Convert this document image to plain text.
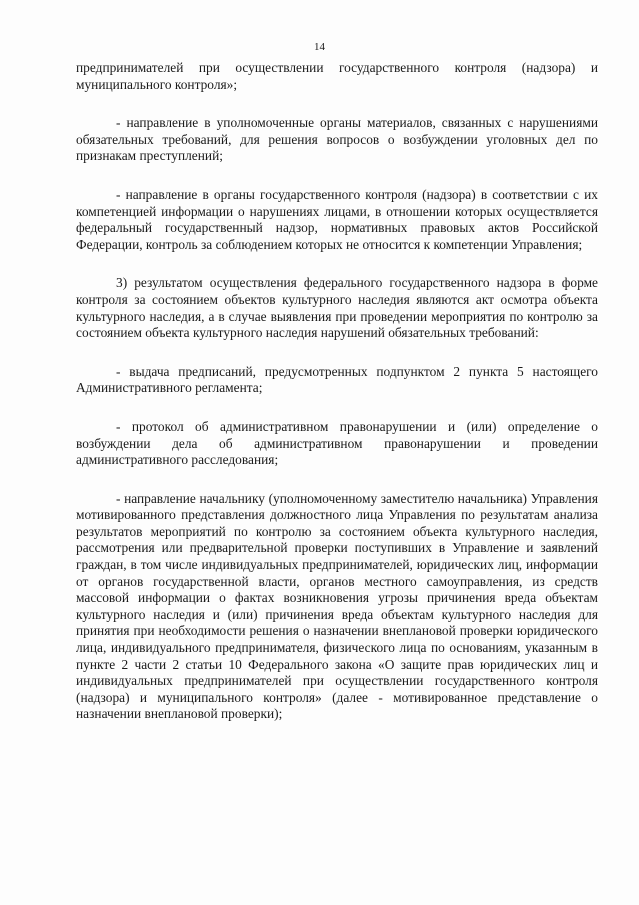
14

предпринимателей при осуществлении государственного контроля (надзора) и муниципального контроля»;

- направление в уполномоченные органы материалов, связанных с нарушениями обязательных требований, для решения вопросов о возбуждении уголовных дел по признакам преступлений;

- направление в органы государственного контроля (надзора) в соответствии с их компетенцией информации о нарушениях лицами, в отношении которых осуществляется федеральный государственный надзор, нормативных правовых актов Российской Федерации, контроль за соблюдением которых не относится к компетенции Управления;

3) результатом осуществления федерального государственного надзора в форме контроля за состоянием объектов культурного наследия являются акт осмотра объекта культурного наследия, а в случае выявления при проведении мероприятия по контролю за состоянием объекта культурного наследия нарушений обязательных требований:

- выдача предписаний, предусмотренных подпунктом 2 пункта 5 настоящего Административного регламента;

- протокол об административном правонарушении и (или) определение о возбуждении дела об административном правонарушении и проведении административного расследования;

- направление начальнику (уполномоченному заместителю начальника) Управления мотивированного представления должностного лица Управления по результатам анализа результатов мероприятий по контролю за состоянием объекта культурного наследия, рассмотрения или предварительной проверки поступивших в Управление и заявлений граждан, в том числе индивидуальных предпринимателей, юридических лиц, информации от органов государственной власти, органов местного самоуправления, из средств массовой информации о фактах возникновения угрозы причинения вреда объектам культурного наследия и (или) причинения вреда объектам культурного наследия для принятия при необходимости решения о назначении внеплановой проверки юридического лица, индивидуального предпринимателя, физического лица по основаниям, указанным в пункте 2 части 2 статьи 10 Федерального закона «О защите прав юридических лиц и индивидуальных предпринимателей при осуществлении государственного контроля (надзора) и муниципального контроля» (далее - мотивированное представление о назначении внеплановой проверки);
